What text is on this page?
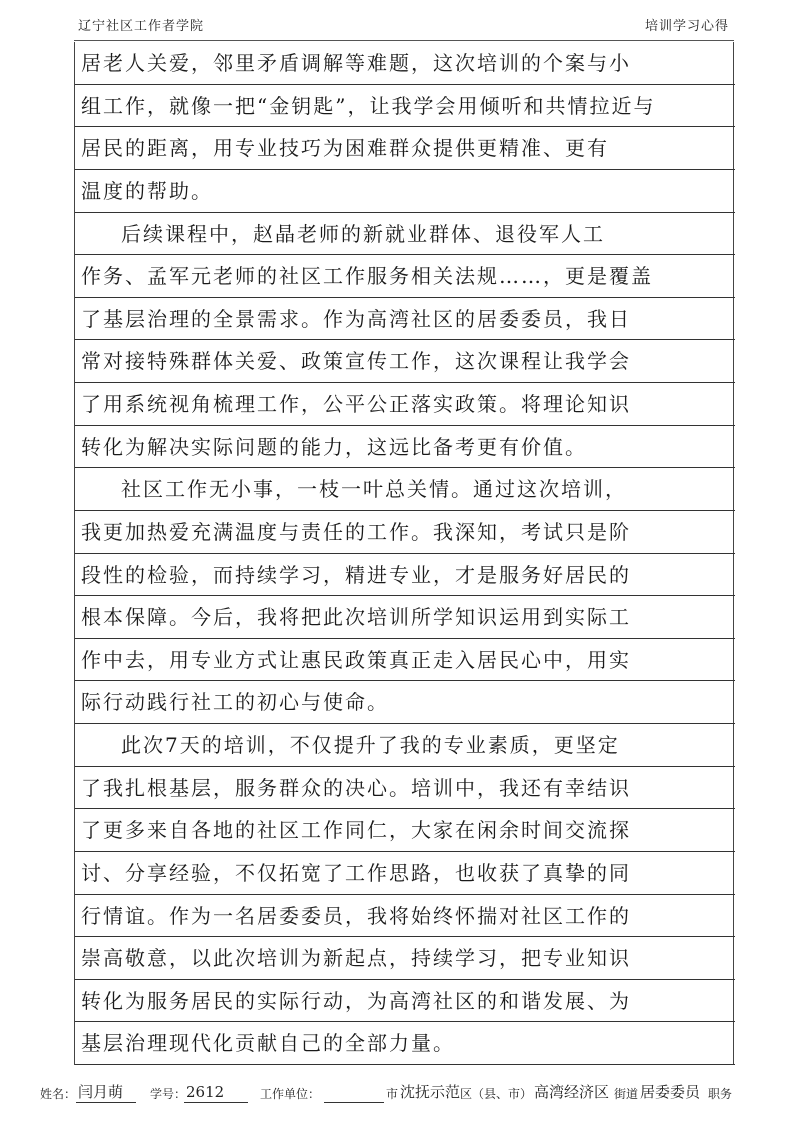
辽宁社区工作者学院	培训学习心得
居老人关爱，邻里矛盾调解等难题，这次培训的个案与小
组工作，就像一把“金钥匙”，让我学会用倾听和共情拉近与
居民的距离，用专业技巧为困难群众提供更精准、更有
温度的帮助。
后续课程中，赵晶老师的新就业群体、退役军人工
作务、孟军元老师的社区工作服务相关法规……，更是覆盖
了基层治理的全景需求。作为高湾社区的居委委员，我日
常对接特殊群体关爱、政策宣传工作，这次课程让我学会
了用系统视角梳理工作，公平公正落实政策。将理论知识
转化为解决实际问题的能力，这远比备考更有价值。
社区工作无小事，一枝一叶总关情。通过这次培训，
我更加热爱充满温度与责任的工作。我深知，考试只是阶
段性的检验，而持续学习，精进专业，才是服务好居民的
根本保障。今后，我将把此次培训所学知识运用到实际工
作中去，用专业方式让惠民政策真正走入居民心中，用实
际行动践行社工的初心与使命。
此次7天的培训，不仅提升了我的专业素质，更坚定
了我扎根基层，服务群众的决心。培训中，我还有幸结识
了更多来自各地的社区工作同仁，大家在闲余时间交流探
讨、分享经验，不仅拓宽了工作思路，也收获了真挚的同
行情谊。作为一名居委委员，我将始终怀揣对社区工作的
崇高敬意，以此次培训为新起点，持续学习，把专业知识
转化为服务居民的实际行动，为高湾社区的和谐发展、为
基层治理现代化贡献自己的全部力量。
姓名： 闫月萌 学号： 2612	工作单位：	市 沈抚示范 区（县、市） 高湾经济区 街道 居委委员 职务
